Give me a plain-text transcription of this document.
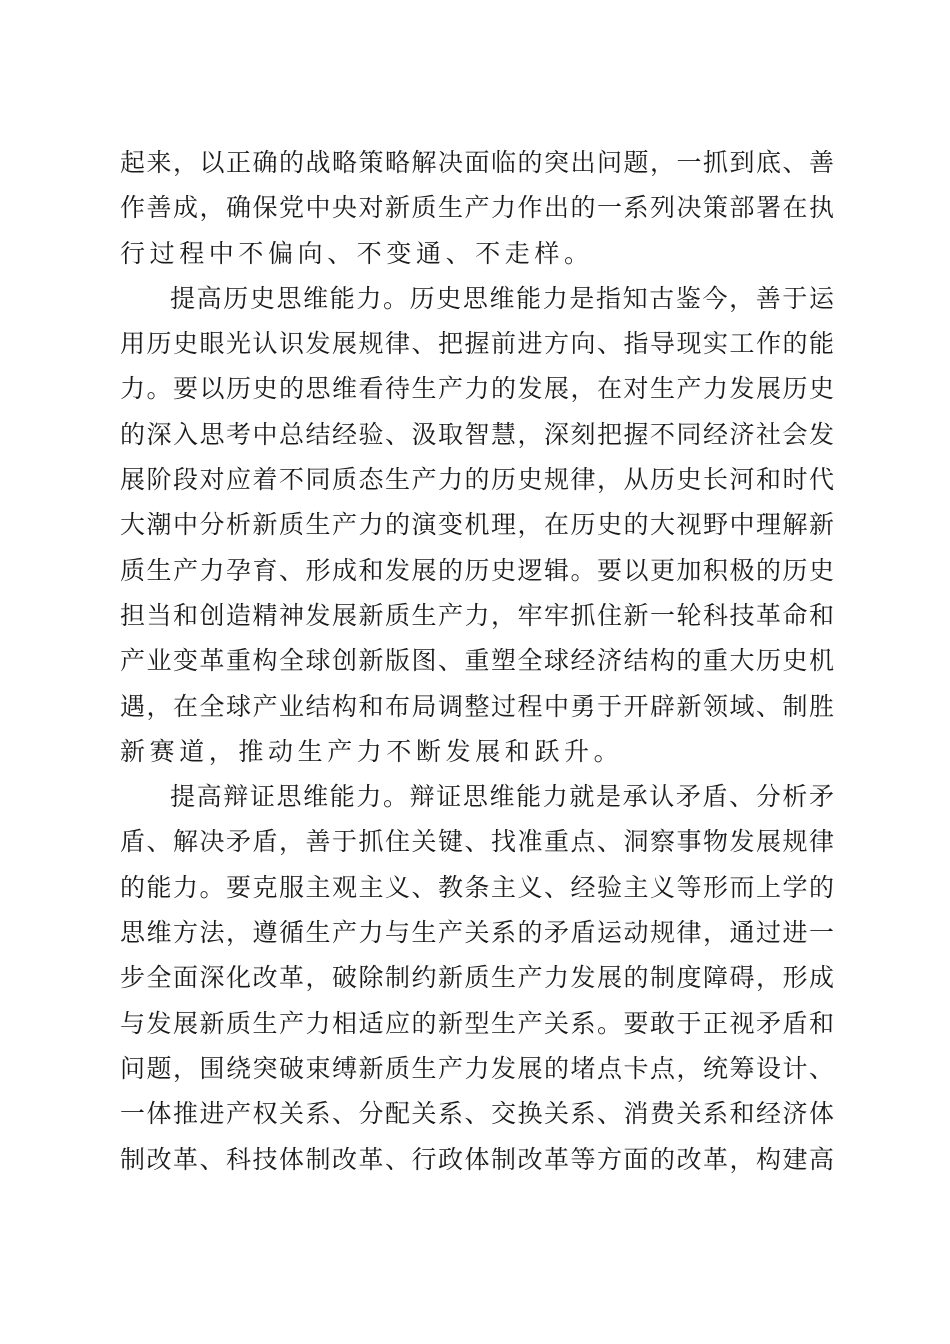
起来，以正确的战略策略解决面临的突出问题，一抓到底、善
作善成，确保党中央对新质生产力作出的一系列决策部署在执
行过程中不偏向、不变通、不走样。
提高历史思维能力。历史思维能力是指知古鉴今，善于运
用历史眼光认识发展规律、把握前进方向、指导现实工作的能
力。要以历史的思维看待生产力的发展，在对生产力发展历史
的深入思考中总结经验、汲取智慧，深刻把握不同经济社会发
展阶段对应着不同质态生产力的历史规律，从历史长河和时代
大潮中分析新质生产力的演变机理，在历史的大视野中理解新
质生产力孕育、形成和发展的历史逻辑。要以更加积极的历史
担当和创造精神发展新质生产力，牢牢抓住新一轮科技革命和
产业变革重构全球创新版图、重塑全球经济结构的重大历史机
遇，在全球产业结构和布局调整过程中勇于开辟新领域、制胜
新赛道，推动生产力不断发展和跃升。
提高辩证思维能力。辩证思维能力就是承认矛盾、分析矛
盾、解决矛盾，善于抓住关键、找准重点、洞察事物发展规律
的能力。要克服主观主义、教条主义、经验主义等形而上学的
思维方法，遵循生产力与生产关系的矛盾运动规律，通过进一
步全面深化改革，破除制约新质生产力发展的制度障碍，形成
与发展新质生产力相适应的新型生产关系。要敢于正视矛盾和
问题，围绕突破束缚新质生产力发展的堵点卡点，统筹设计、
一体推进产权关系、分配关系、交换关系、消费关系和经济体
制改革、科技体制改革、行政体制改革等方面的改革，构建高
